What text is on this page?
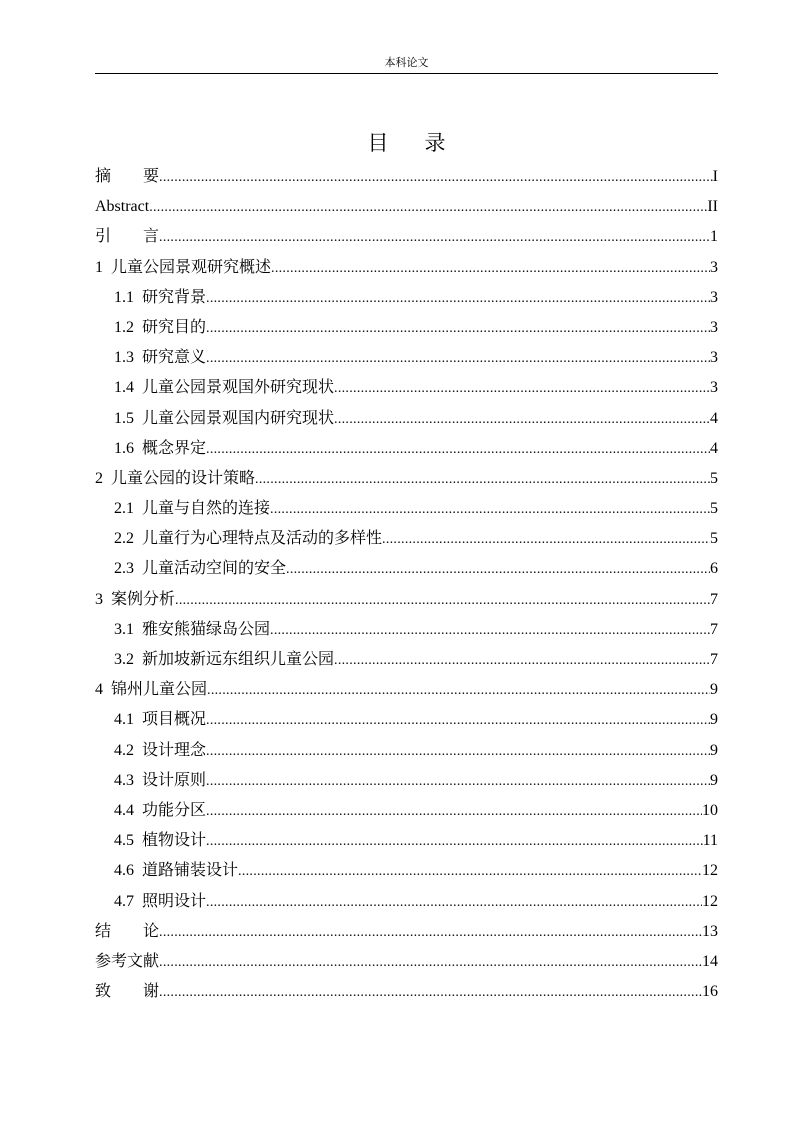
本科论文
目录
摘　　要 .....	I
Abstract .....	II
引　　言 .....	1
1 儿童公园景观研究概述 .....	3
1.1 研究背景 .....	3
1.2 研究目的 .....	3
1.3 研究意义 .....	3
1.4 儿童公园景观国外研究现状 .....	3
1.5 儿童公园景观国内研究现状 .....	4
1.6 概念界定 .....	4
2 儿童公园的设计策略 .....	5
2.1 儿童与自然的连接 .....	5
2.2 儿童行为心理特点及活动的多样性 .....	5
2.3 儿童活动空间的安全 .....	6
3 案例分析 .....	7
3.1 雅安熊猫绿岛公园 .....	7
3.2 新加坡新远东组织儿童公园 .....	7
4 锦州儿童公园 .....	9
4.1 项目概况 .....	9
4.2 设计理念 .....	9
4.3 设计原则 .....	9
4.4 功能分区 .....	10
4.5 植物设计 .....	11
4.6 道路铺装设计 .....	12
4.7 照明设计 .....	12
结　　论 .....	13
参考文献 .....	14
致　　谢 .....	16
